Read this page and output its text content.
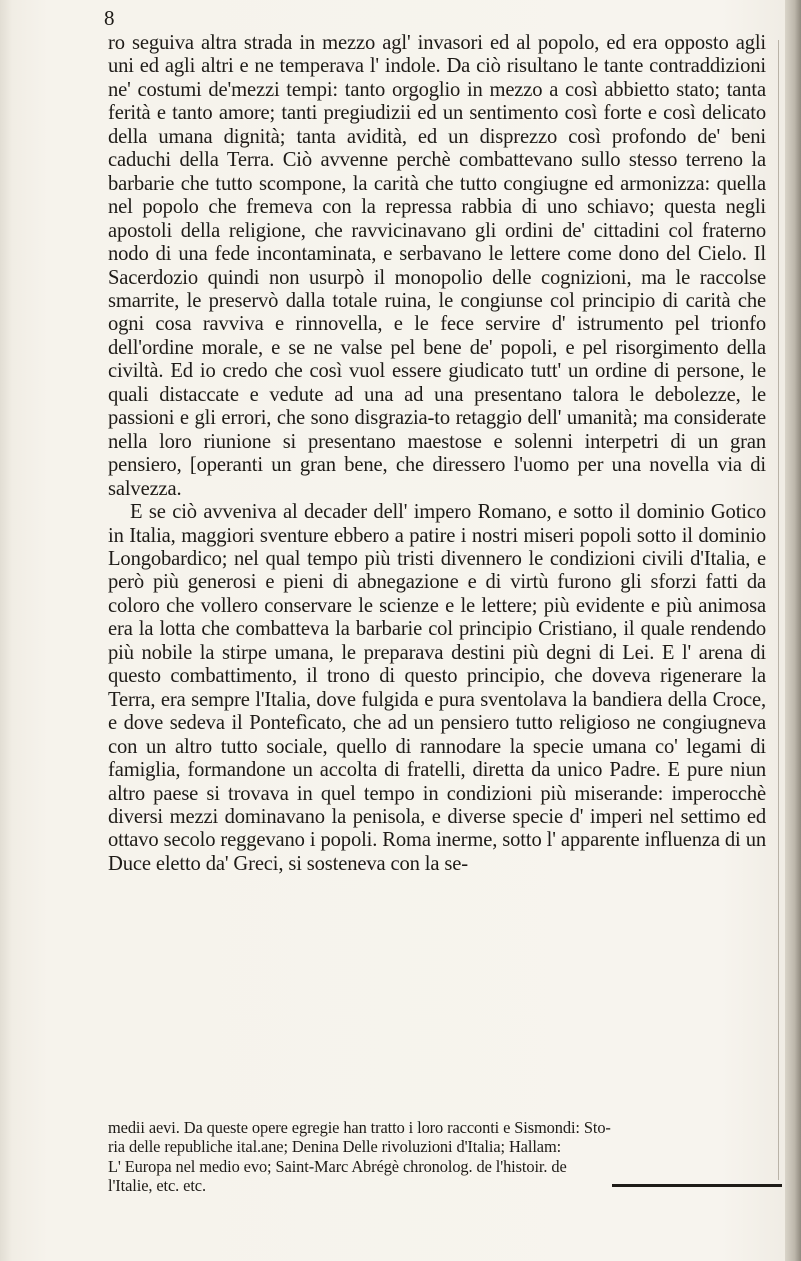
8

ro seguiva altra strada in mezzo agl' invasori ed al popolo, ed era opposto agli uni ed agli altri e ne temperava l' indole. Da ciò risultano le tante contraddizioni ne' costumi de'mezzi tempi: tanto orgoglio in mezzo a così abbietto stato; tanta ferità e tanto amore; tanti pregiudizii ed un sentimento così forte e così delicato della umana dignità; tanta avidità, ed un disprezzo così profondo de' beni caduchi della Terra. Ciò avvenne perchè combattevano sullo stesso terreno la barbarie che tutto scompone, la carità che tutto congiugne ed armonizza: quella nel popolo che fremeva con la repressa rabbia di uno schiavo; questa negli apostoli della religione, che ravvicinavano gli ordini de' cittadini col fraterno nodo di una fede incontaminata, e serbavano le lettere come dono del Cielo. Il Sacerdozio quindi non usurpò il monopolio delle cognizioni, ma le raccolse smarrite, le preservò dalla totale ruina, le congiunse col principio di carità che ogni cosa ravviva e rinnovella, e le fece servire d' istrumento pel trionfo dell'ordine morale, e se ne valse pel bene de' popoli, e pel risorgimento della civiltà. Ed io credo che così vuol essere giudicato tutt' un ordine di persone, le quali distaccate e vedute ad una ad una presentano talora le debolezze, le passioni e gli errori, che sono disgrazia-to retaggio dell' umanità; ma considerate nella loro riunione si presentano maestose e solenni interpetri di un gran pensiero, [operanti un gran bene, che diressero l'uomo per una novella via di salvezza.

E se ciò avveniva al decader dell' impero Romano, e sotto il dominio Gotico in Italia, maggiori sventure ebbero a patire i nostri miseri popoli sotto il dominio Longobardico; nel qual tempo più tristi divennero le condizioni civili d'Italia, e però più generosi e pieni di abnegazione e di virtù furono gli sforzi fatti da coloro che vollero conservare le scienze e le lettere; più evidente e più animosa era la lotta che combatteva la barbarie col principio Cristiano, il quale rendendo più nobile la stirpe umana, le preparava destini più degni di Lei. E l' arena di questo combattimento, il trono di questo principio, che doveva rigenerare la Terra, era sempre l'Italia, dove fulgida e pura sventolava la bandiera della Croce, e dove sedeva il Pontefìcato, che ad un pensiero tutto religioso ne congiugneva con un altro tutto sociale, quello di rannodare la specie umana co' legami di famiglia, formandone un accolta di fratelli, diretta da unico Padre. E pure niun altro paese si trovava in quel tempo in condizioni più miserande: imperocchè diversi mezzi dominavano la penisola, e diverse specie d' imperi nel settimo ed ottavo secolo reggevano i popoli. Roma inerme, sotto l' apparente influenza di un Duce eletto da' Greci, si sosteneva con la se-

medii aevi. Da queste opere egregie han tratto i loro racconti e Sismondi: Sto-
ria delle republiche ital.ane; Denina Delle rivoluzioni d'Italia; Hallam:
L' Europa nel medio evo; Saint-Marc Abrégè chronolog. de l'histoir. de
l'Italie, etc. etc.
